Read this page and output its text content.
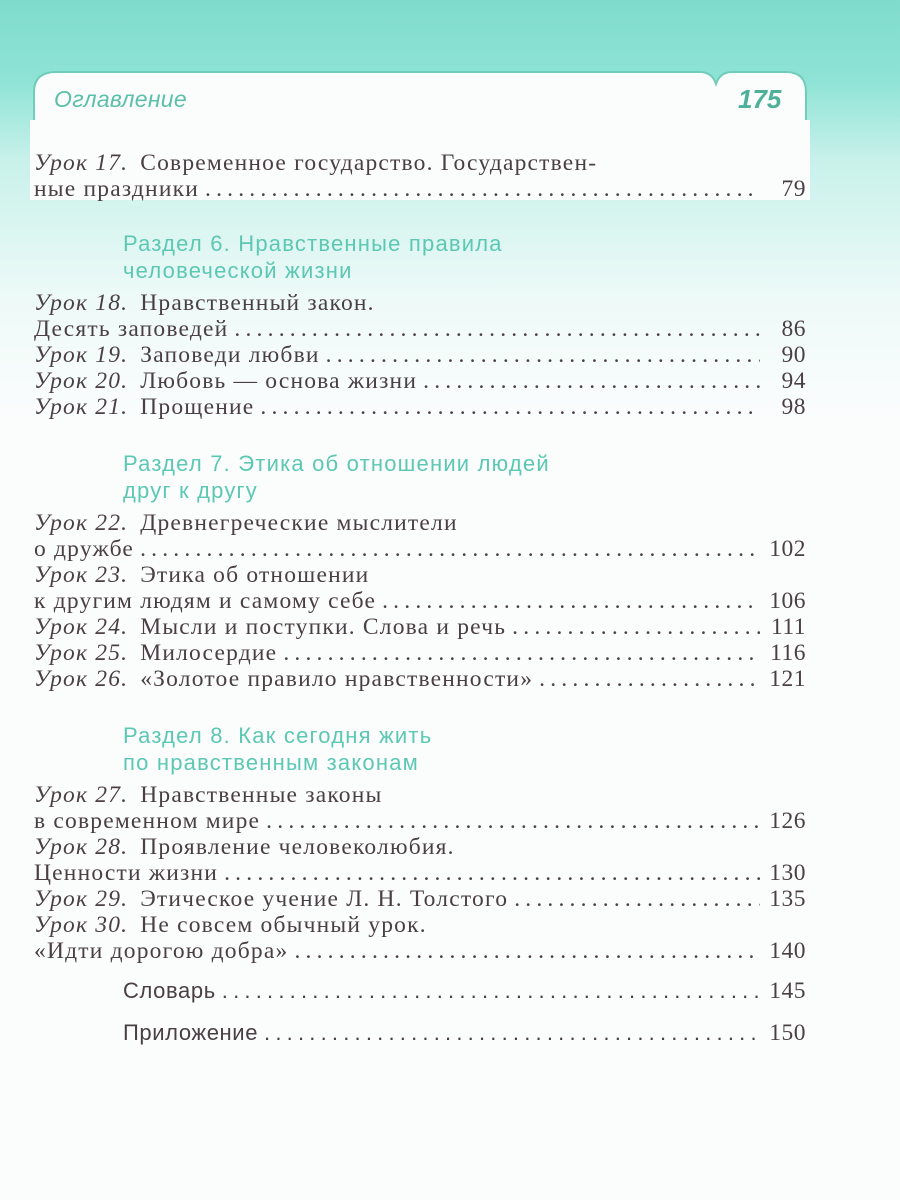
Оглавление	175
Урок 17. Современное государство. Государствен-
ные праздники .....	79
Раздел 6. Нравственные правила
человеческой жизни
Урок 18. Нравственный закон.
Десять заповедей .....	86
Урок 19. Заповеди любви .....	90
Урок 20. Любовь — основа жизни .....	94
Урок 21. Прощение .....	98
Раздел 7. Этика об отношении людей
друг к другу
Урок 22. Древнегреческие мыслители
о дружбе .....	102
Урок 23. Этика об отношении
к другим людям и самому себе .....	106
Урок 24. Мысли и поступки. Слова и речь .....	111
Урок 25. Милосердие .....	116
Урок 26. «Золотое правило нравственности» .....	121
Раздел 8. Как сегодня жить
по нравственным законам
Урок 27. Нравственные законы
в современном мире .....	126
Урок 28. Проявление человеколюбия.
Ценности жизни .....	130
Урок 29. Этическое учение Л. Н. Толстого .....	135
Урок 30. Не совсем обычный урок.
«Идти дорогою добра» .....	140
Словарь .....	145
Приложение .....	150
